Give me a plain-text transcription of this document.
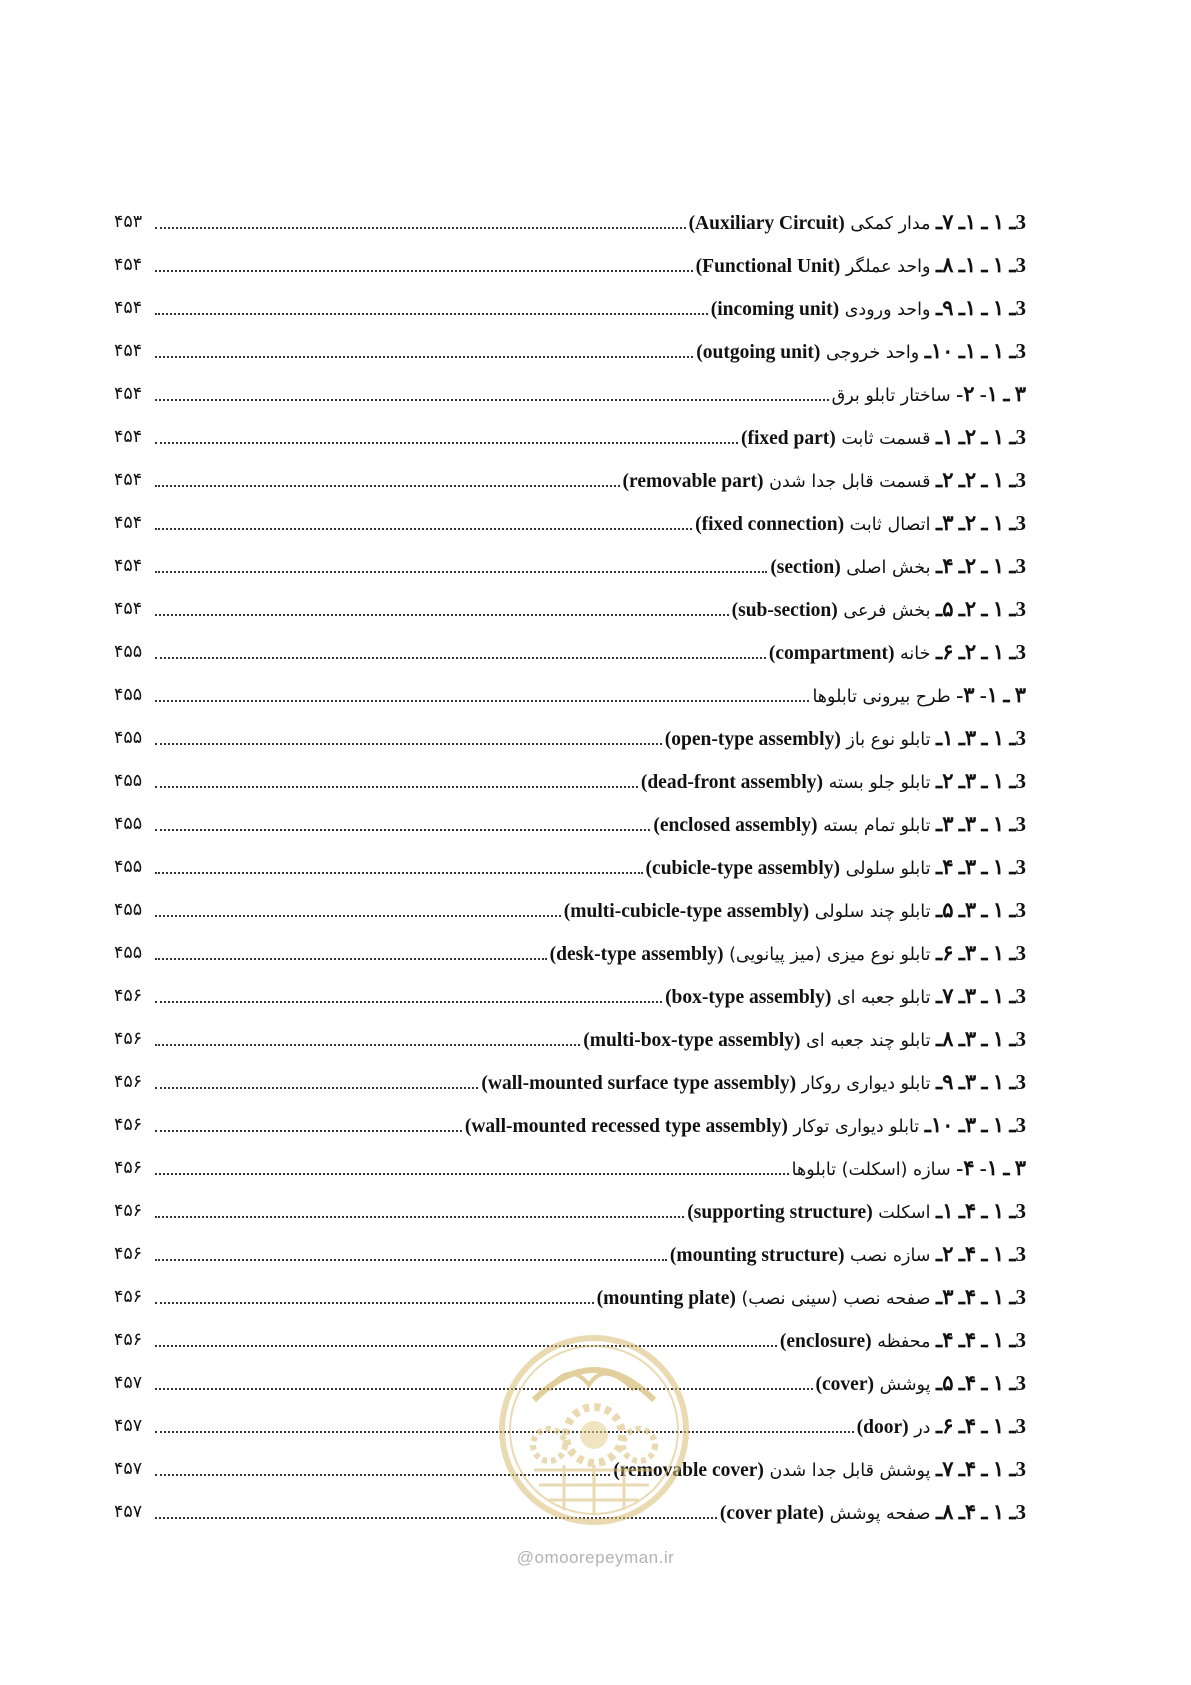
3ـ ۱ ـ ۱ـ ۷ـ مدار کمکی (Auxiliary Circuit)
۴۵۳
3ـ ۱ ـ ۱ـ ۸ـ واحد عملگر (Functional Unit)
۴۵۴
3ـ ۱ ـ ۱ـ ۹ـ واحد ورودی (incoming unit)
۴۵۴
3ـ ۱ ـ ۱ـ ۱۰ـ واحد خروجی (outgoing unit)
۴۵۴
۳ ـ ۱- ۲- ساختار تابلو برق
۴۵۴
3ـ ۱ ـ ۲ـ ۱ـ قسمت ثابت (fixed part)
۴۵۴
3ـ ۱ ـ ۲ـ ۲ـ قسمت قابل جدا شدن (removable part)
۴۵۴
3ـ ۱ ـ ۲ـ ۳ـ اتصال ثابت (fixed connection)
۴۵۴
3ـ ۱ ـ ۲ـ ۴ـ بخش اصلی (section)
۴۵۴
3ـ ۱ ـ ۲ـ ۵ـ بخش فرعی (sub-section)
۴۵۴
3ـ ۱ ـ ۲ـ ۶ـ خانه (compartment)
۴۵۵
۳ ـ ۱- ۳- طرح بیرونی تابلوها
۴۵۵
3ـ ۱ ـ ۳ـ ۱ـ تابلو نوع باز (open-type assembly)
۴۵۵
3ـ ۱ ـ ۳ـ ۲ـ تابلو جلو بسته (dead-front assembly)
۴۵۵
3ـ ۱ ـ ۳ـ ۳ـ تابلو تمام بسته (enclosed assembly)
۴۵۵
3ـ ۱ ـ ۳ـ ۴ـ تابلو سلولی (cubicle-type assembly)
۴۵۵
3ـ ۱ ـ ۳ـ ۵ـ تابلو چند سلولی (multi-cubicle-type assembly)
۴۵۵
3ـ ۱ ـ ۳ـ ۶ـ تابلو نوع میزی (میز پیانویی) (desk-type assembly)
۴۵۵
3ـ ۱ ـ ۳ـ ۷ـ تابلو جعبه ای (box-type assembly)
۴۵۶
3ـ ۱ ـ ۳ـ ۸ـ تابلو چند جعبه ای (multi-box-type assembly)
۴۵۶
3ـ ۱ ـ ۳ـ ۹ـ تابلو دیواری روکار (wall-mounted surface type assembly)
۴۵۶
3ـ ۱ ـ ۳ـ ۱۰ـ تابلو دیواری توکار (wall-mounted recessed type assembly)
۴۵۶
۳ ـ ۱- ۴- سازه (اسکلت) تابلوها
۴۵۶
3ـ ۱ ـ ۴ـ ۱ـ اسکلت (supporting structure)
۴۵۶
3ـ ۱ ـ ۴ـ ۲ـ سازه نصب (mounting structure)
۴۵۶
3ـ ۱ ـ ۴ـ ۳ـ صفحه نصب (سینی نصب) (mounting plate)
۴۵۶
3ـ ۱ ـ ۴ـ ۴ـ محفظه (enclosure)
۴۵۶
3ـ ۱ ـ ۴ـ ۵ـ پوشش (cover)
۴۵۷
3ـ ۱ ـ ۴ـ ۶ـ در (door)
۴۵۷
3ـ ۱ ـ ۴ـ ۷ـ پوشش قابل جدا شدن (removable cover)
۴۵۷
3ـ ۱ ـ ۴ـ ۸ـ صفحه پوشش (cover plate)
۴۵۷
@omoorepeyman.ir
